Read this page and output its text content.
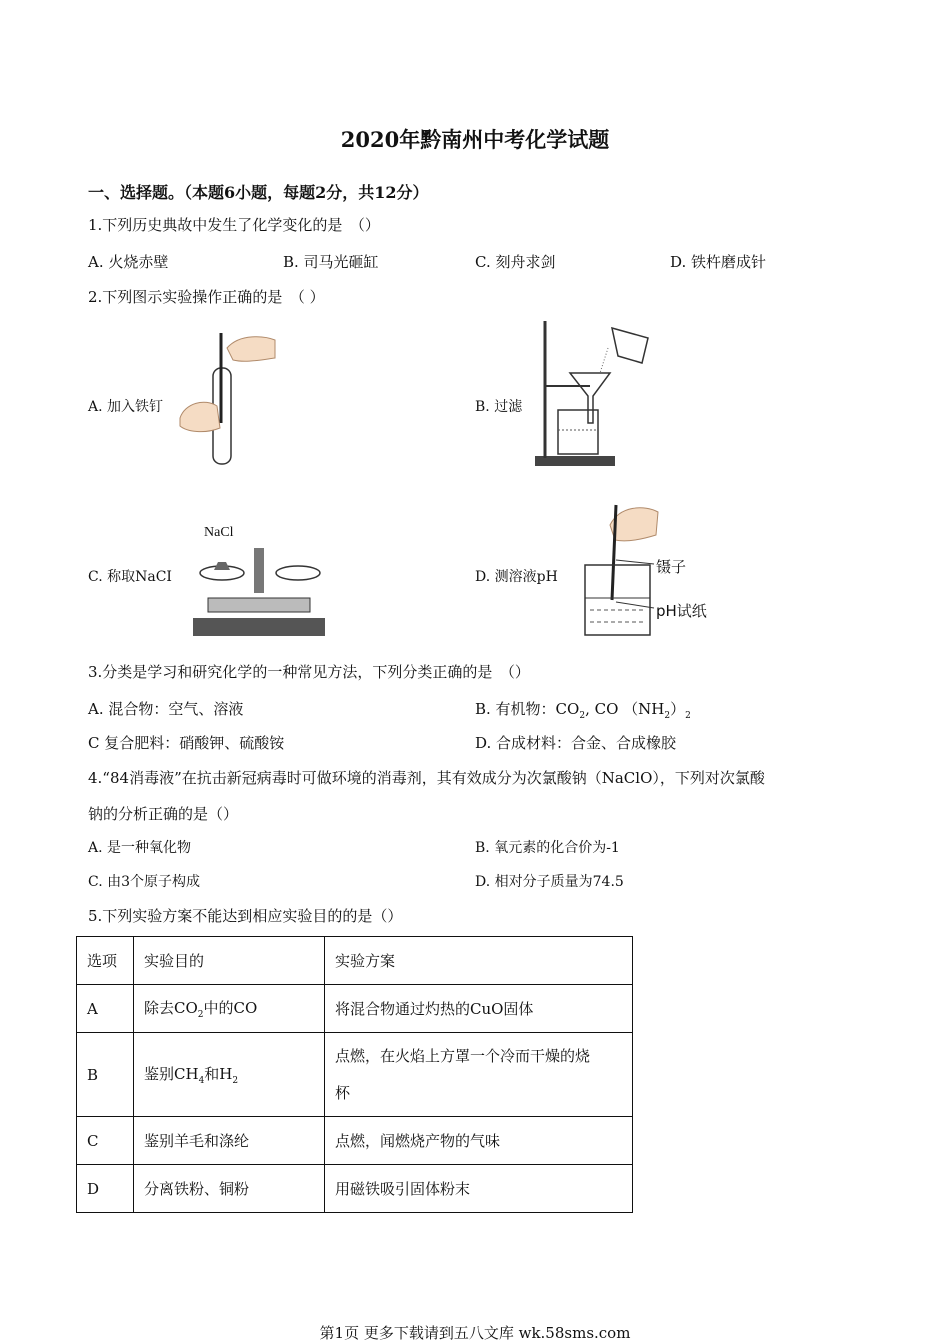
2020年黔南州中考化学试题
一、选择题。（本题6小题，每题2分，共12分）
1.下列历史典故中发生了化学变化的是　（）
A. 火烧赤壁	B. 司马光砸缸	C. 刻舟求剑	D. 铁杵磨成针
2.下列图示实验操作正确的是　（ ）
A. 加入铁钉	B. 过滤
C. 称取NaCI
NaCl
D. 测溶液pH
镊子
pH试纸
3.分类是学习和研究化学的一种常见方法，下列分类正确的是　（）
A. 混合物：空气、溶液	B. 有机物：$CO_2$, CO $(NH_2)_2$
C 复合肥料：硝酸钾、硫酸铵	D. 合成材料：合金、合成橡胶
4.“84消毒液”在抗击新冠病毒时可做环境的消毒剂，其有效成分为次氯酸钠（NaClO），下列对次氯酸
钠的分析正确的是（）
A. 是一种氧化物	B. 氧元素的化合价为-1
C. 由3个原子构成	D. 相对分子质量为74.5
5.下列实验方案不能达到相应实验目的的是（）
选项	实验目的	实验方案
A	除去$CO_2$中的CO	将混合物通过灼热的CuO固体
B	鉴别$CH_4$和$H_2$	点燃，在火焰上方罩一个冷而干燥的烧
杯
C	鉴别羊毛和涤纶	点燃，闻燃烧产物的气味
D	分离铁粉、铜粉	用磁铁吸引固体粉末
第1页 更多下载请到五八文库 wk.58sms.com
